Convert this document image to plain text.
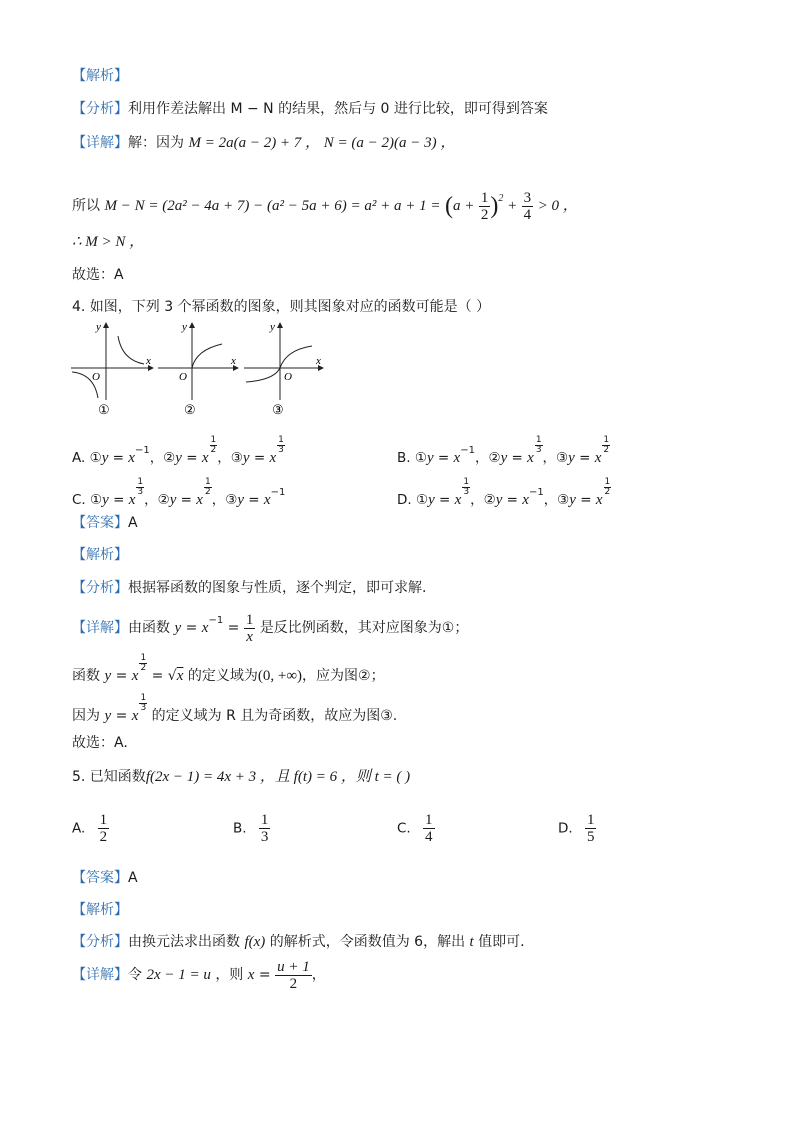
【解析】
【分析】利用作差法解出 M − N 的结果，然后与 0 进行比较，即可得到答案
【详解】解：因为 M = 2a(a − 2) + 7 ， N = (a − 2)(a − 3) ，
所以 $M - N = (2a^2 - 4a + 7) - (a^2 - 5a + 6) = a^2 + a + 1 = (a + \frac{1}{2} )^2 + \frac{3}{4} > 0$ ，
∴ M > N ，
故选：A
4. 如图，下列 3 个幂函数的图象，则其图象对应的函数可能是（ ）
y
x
O
①
y
x
O
②
y
x
O
③
A. ①y = $x^{-1}$，②y = x
$\frac{1}{2}$
，③y = x
$\frac{1}{3}$
B. ①y = $x^{-1}$，②y = x
$\frac{1}{3}$
，③y = x
$\frac{1}{2}$
C. ①y = x
$\frac{1}{3}$
，②y = x
$\frac{1}{2}$
，③y = $x^{-1}$	D. ①y = x
$\frac{1}{3}$
，②y = $x^{-1}$，③y = x
$\frac{1}{2}$
【答案】A
【解析】
【分析】根据幂函数的图象与性质，逐个判定，即可求解.
【详解】由函数 $y = x^{-1} = \frac{1}{x}$ 是反比例函数，其对应图象为①；
函数 y = x
$\frac{1}{2}$
= √x 的定义域为(0, +∞)，应为图②；
因为 y = x
$\frac{1}{3}$
的定义域为 R 且为奇函数，故应为图③.
故选：A.
5. 已知函数f(2x − 1) = 4x + 3 ，且 f(t) = 6 ，则 t = ( )
A. $\frac{1}{2}$	B. $\frac{1}{3}$	C. $\frac{1}{4}$	D. $\frac{1}{5}$
【答案】A
【解析】
【分析】由换元法求出函数 f(x) 的解析式，令函数值为 6，解出 t 值即可.
【详解】令 2x − 1 = u ，则 $x = \frac{u + 1}{2}$ ，
